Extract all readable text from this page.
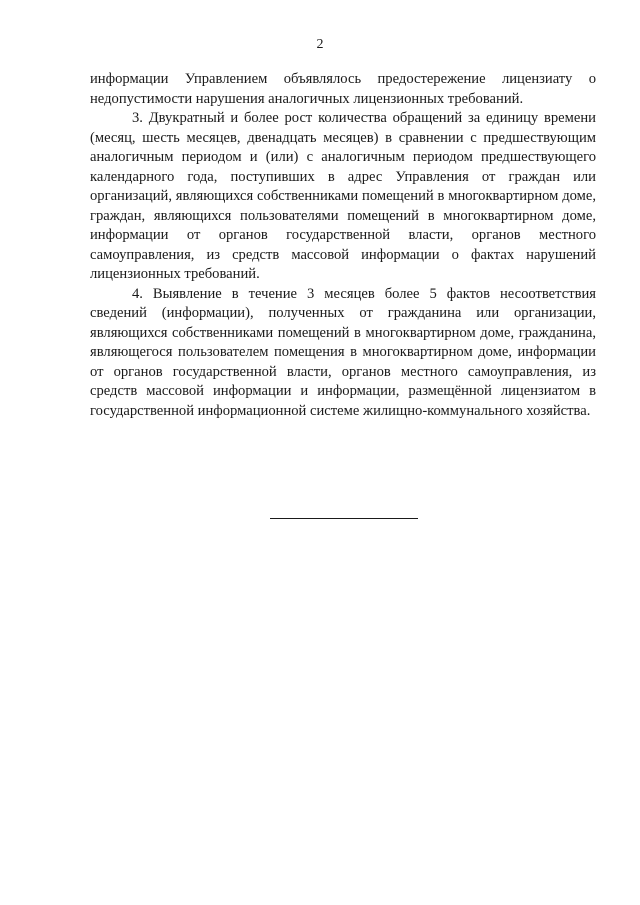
2

информации Управлением объявлялось предостережение лицензиату о недопустимости нарушения аналогичных лицензионных требований.

3. Двукратный и более рост количества обращений за единицу времени (месяц, шесть месяцев, двенадцать месяцев) в сравнении с предшествующим аналогичным периодом и (или) с аналогичным периодом предшествующего календарного года, поступивших в адрес Управления от граждан или организаций, являющихся собственниками помещений в многоквартирном доме, граждан, являющихся пользователями помещений в многоквартирном доме, информации от органов государственной власти, органов местного самоуправления, из средств массовой информации о фактах нарушений лицензионных требований.

4. Выявление в течение 3 месяцев более 5 фактов несоответствия сведений (информации), полученных от гражданина или организации, являющихся собственниками помещений в многоквартирном доме, гражданина, являющегося пользователем помещения в многоквартирном доме, информации от органов государственной власти, органов местного самоуправления, из средств массовой информации и информации, размещённой лицензиатом в государственной информационной системе жилищно-коммунального хозяйства.
